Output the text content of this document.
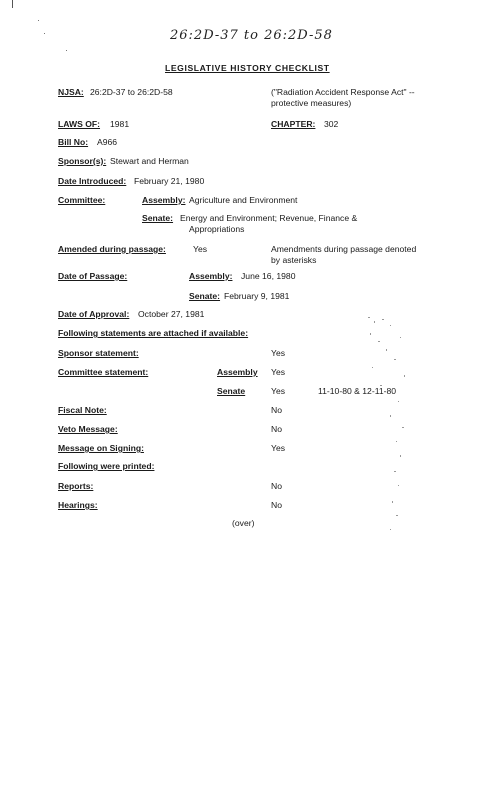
26:2D-37 to 26:2D-58
LEGISLATIVE HISTORY CHECKLIST
NJSA: 26:2D-37 to 26:2D-58	("Radiation Accident Response Act" --
protective measures)
LAWS OF: 1981	CHAPTER: 302
Bill No: A966
Sponsor(s): Stewart and Herman
Date Introduced: February 21, 1980
Committee:	Assembly: Agriculture and Environment
Senate: Energy and Environment; Revenue, Finance &
Appropriations
Amended during passage:	Yes	Amendments during passage denoted
by asterisks
Date of Passage:	Assembly: June 16, 1980
Senate: February 9, 1981
Date of Approval: October 27, 1981
Following statements are attached if available:
Sponsor statement:	Yes
Committee statement:	Assembly Yes
Senate	Yes	11-10-80 & 12-11-80
Fiscal Note:	No
Veto Message:	No
Message on Signing:	Yes
Following were printed:
Reports:	No
Hearings:	No
(over)
